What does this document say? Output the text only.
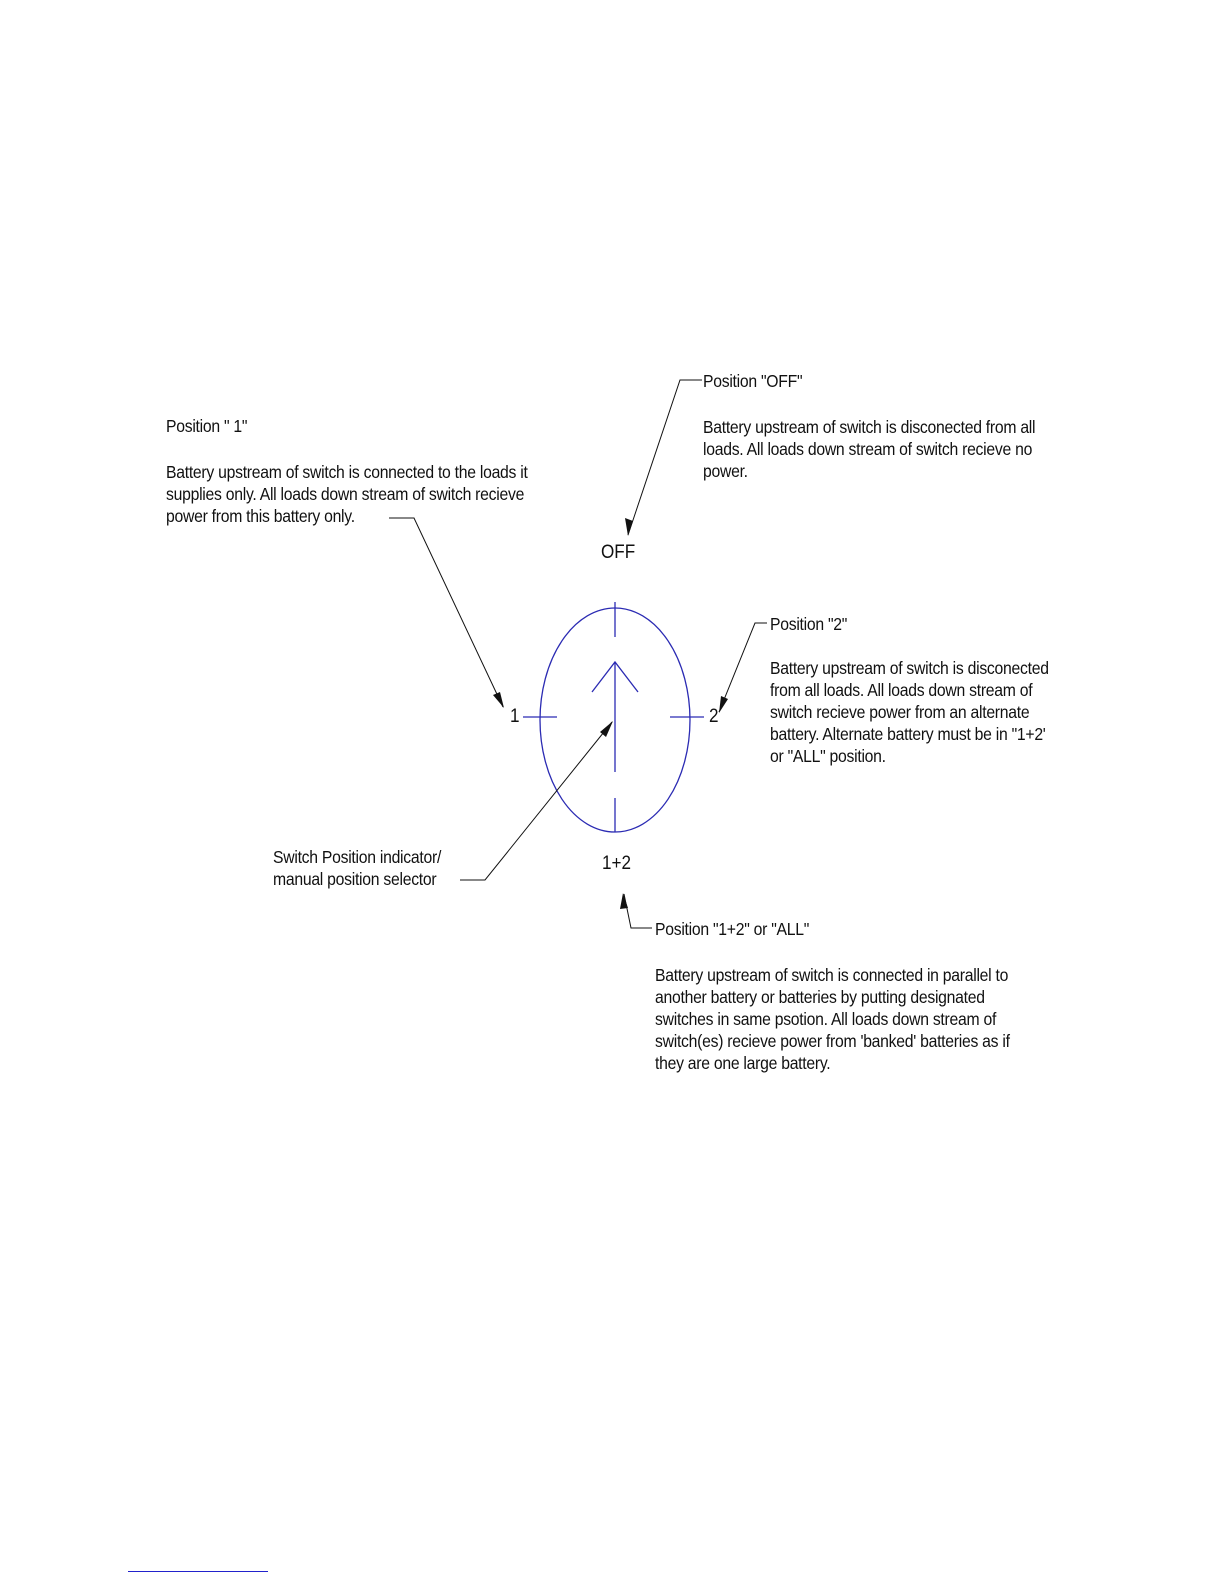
OFF
1	2
1+2
Position "OFF"
Battery upstream of switch is disconected from all
loads. All loads down stream of switch recieve no
power.
Position " 1"
Battery upstream of switch is connected to the loads it
supplies only. All loads down stream of switch recieve
power from this battery only.
Position "2"
Battery upstream of switch is disconected
from all loads. All loads down stream of
switch recieve power from an alternate
battery. Alternate battery must be in "1+2'
or "ALL" position.
Switch Position indicator/
manual position selector
Position "1+2" or "ALL"
Battery upstream of switch is connected in parallel to
another battery or batteries by putting designated
switches in same psotion. All loads down stream of
switch(es) recieve power from 'banked' batteries as if
they are one large battery.
